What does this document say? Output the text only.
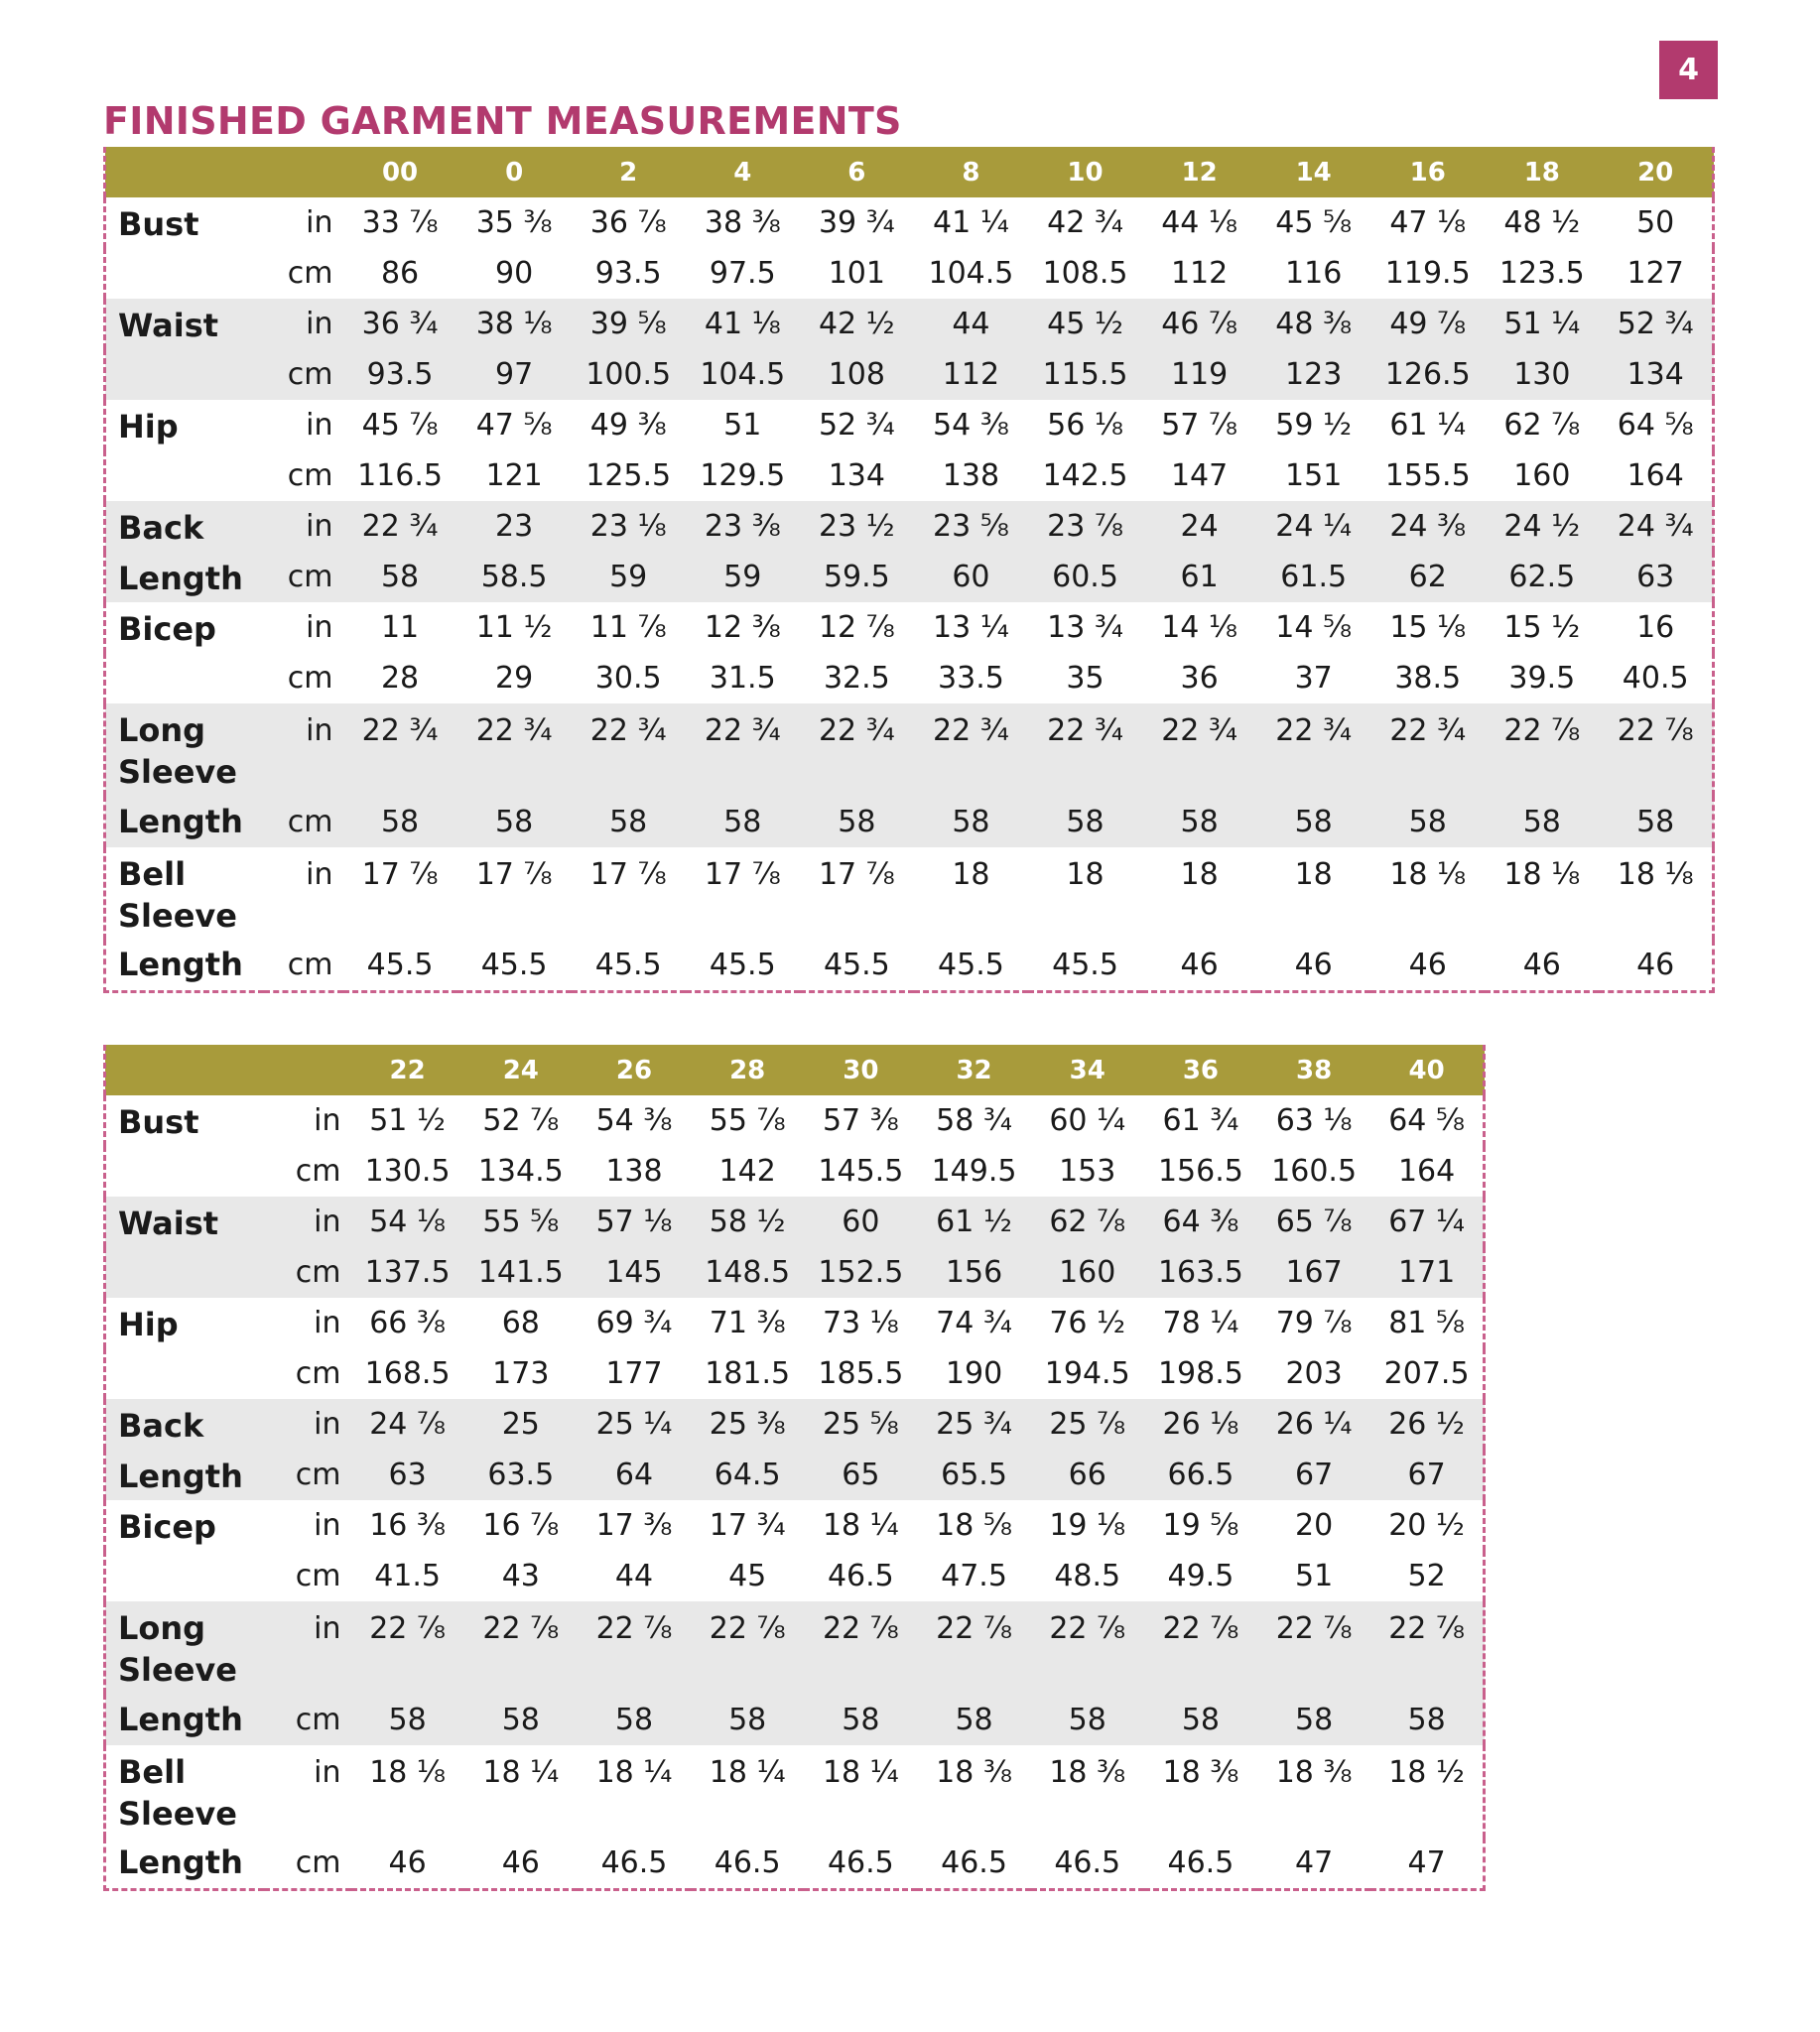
4
FINISHED GARMENT MEASUREMENTS
		00	0	2	4	6	8	10	12	14	16	18	20
Bust	in	33 ⅞	35 ⅜	36 ⅞	38 ⅜	39 ¾	41 ¼	42 ¾	44 ⅛	45 ⅝	47 ⅛	48 ½	50
	cm	86	90	93.5	97.5	101	104.5	108.5	112	116	119.5	123.5	127
Waist	in	36 ¾	38 ⅛	39 ⅝	41 ⅛	42 ½	44	45 ½	46 ⅞	48 ⅜	49 ⅞	51 ¼	52 ¾
	cm	93.5	97	100.5	104.5	108	112	115.5	119	123	126.5	130	134
Hip	in	45 ⅞	47 ⅝	49 ⅜	51	52 ¾	54 ⅜	56 ⅛	57 ⅞	59 ½	61 ¼	62 ⅞	64 ⅝
	cm	116.5	121	125.5	129.5	134	138	142.5	147	151	155.5	160	164
Back	in	22 ¾	23	23 ⅛	23 ⅜	23 ½	23 ⅝	23 ⅞	24	24 ¼	24 ⅜	24 ½	24 ¾
Length	cm	58	58.5	59	59	59.5	60	60.5	61	61.5	62	62.5	63
Bicep	in	11	11 ½	11 ⅞	12 ⅜	12 ⅞	13 ¼	13 ¾	14 ⅛	14 ⅝	15 ⅛	15 ½	16
	cm	28	29	30.5	31.5	32.5	33.5	35	36	37	38.5	39.5	40.5
Long
Sleeve	in	22 ¾	22 ¾	22 ¾	22 ¾	22 ¾	22 ¾	22 ¾	22 ¾	22 ¾	22 ¾	22 ⅞	22 ⅞
Length	cm	58	58	58	58	58	58	58	58	58	58	58	58
Bell
Sleeve	in	17 ⅞	17 ⅞	17 ⅞	17 ⅞	17 ⅞	18	18	18	18	18 ⅛	18 ⅛	18 ⅛
Length	cm	45.5	45.5	45.5	45.5	45.5	45.5	45.5	46	46	46	46	46
		22	24	26	28	30	32	34	36	38	40
Bust	in	51 ½	52 ⅞	54 ⅜	55 ⅞	57 ⅜	58 ¾	60 ¼	61 ¾	63 ⅛	64 ⅝
	cm	130.5	134.5	138	142	145.5	149.5	153	156.5	160.5	164
Waist	in	54 ⅛	55 ⅝	57 ⅛	58 ½	60	61 ½	62 ⅞	64 ⅜	65 ⅞	67 ¼
	cm	137.5	141.5	145	148.5	152.5	156	160	163.5	167	171
Hip	in	66 ⅜	68	69 ¾	71 ⅜	73 ⅛	74 ¾	76 ½	78 ¼	79 ⅞	81 ⅝
	cm	168.5	173	177	181.5	185.5	190	194.5	198.5	203	207.5
Back	in	24 ⅞	25	25 ¼	25 ⅜	25 ⅝	25 ¾	25 ⅞	26 ⅛	26 ¼	26 ½
Length	cm	63	63.5	64	64.5	65	65.5	66	66.5	67	67
Bicep	in	16 ⅜	16 ⅞	17 ⅜	17 ¾	18 ¼	18 ⅝	19 ⅛	19 ⅝	20	20 ½
	cm	41.5	43	44	45	46.5	47.5	48.5	49.5	51	52
Long
Sleeve	in	22 ⅞	22 ⅞	22 ⅞	22 ⅞	22 ⅞	22 ⅞	22 ⅞	22 ⅞	22 ⅞	22 ⅞
Length	cm	58	58	58	58	58	58	58	58	58	58
Bell
Sleeve	in	18 ⅛	18 ¼	18 ¼	18 ¼	18 ¼	18 ⅜	18 ⅜	18 ⅜	18 ⅜	18 ½
Length	cm	46	46	46.5	46.5	46.5	46.5	46.5	46.5	47	47
